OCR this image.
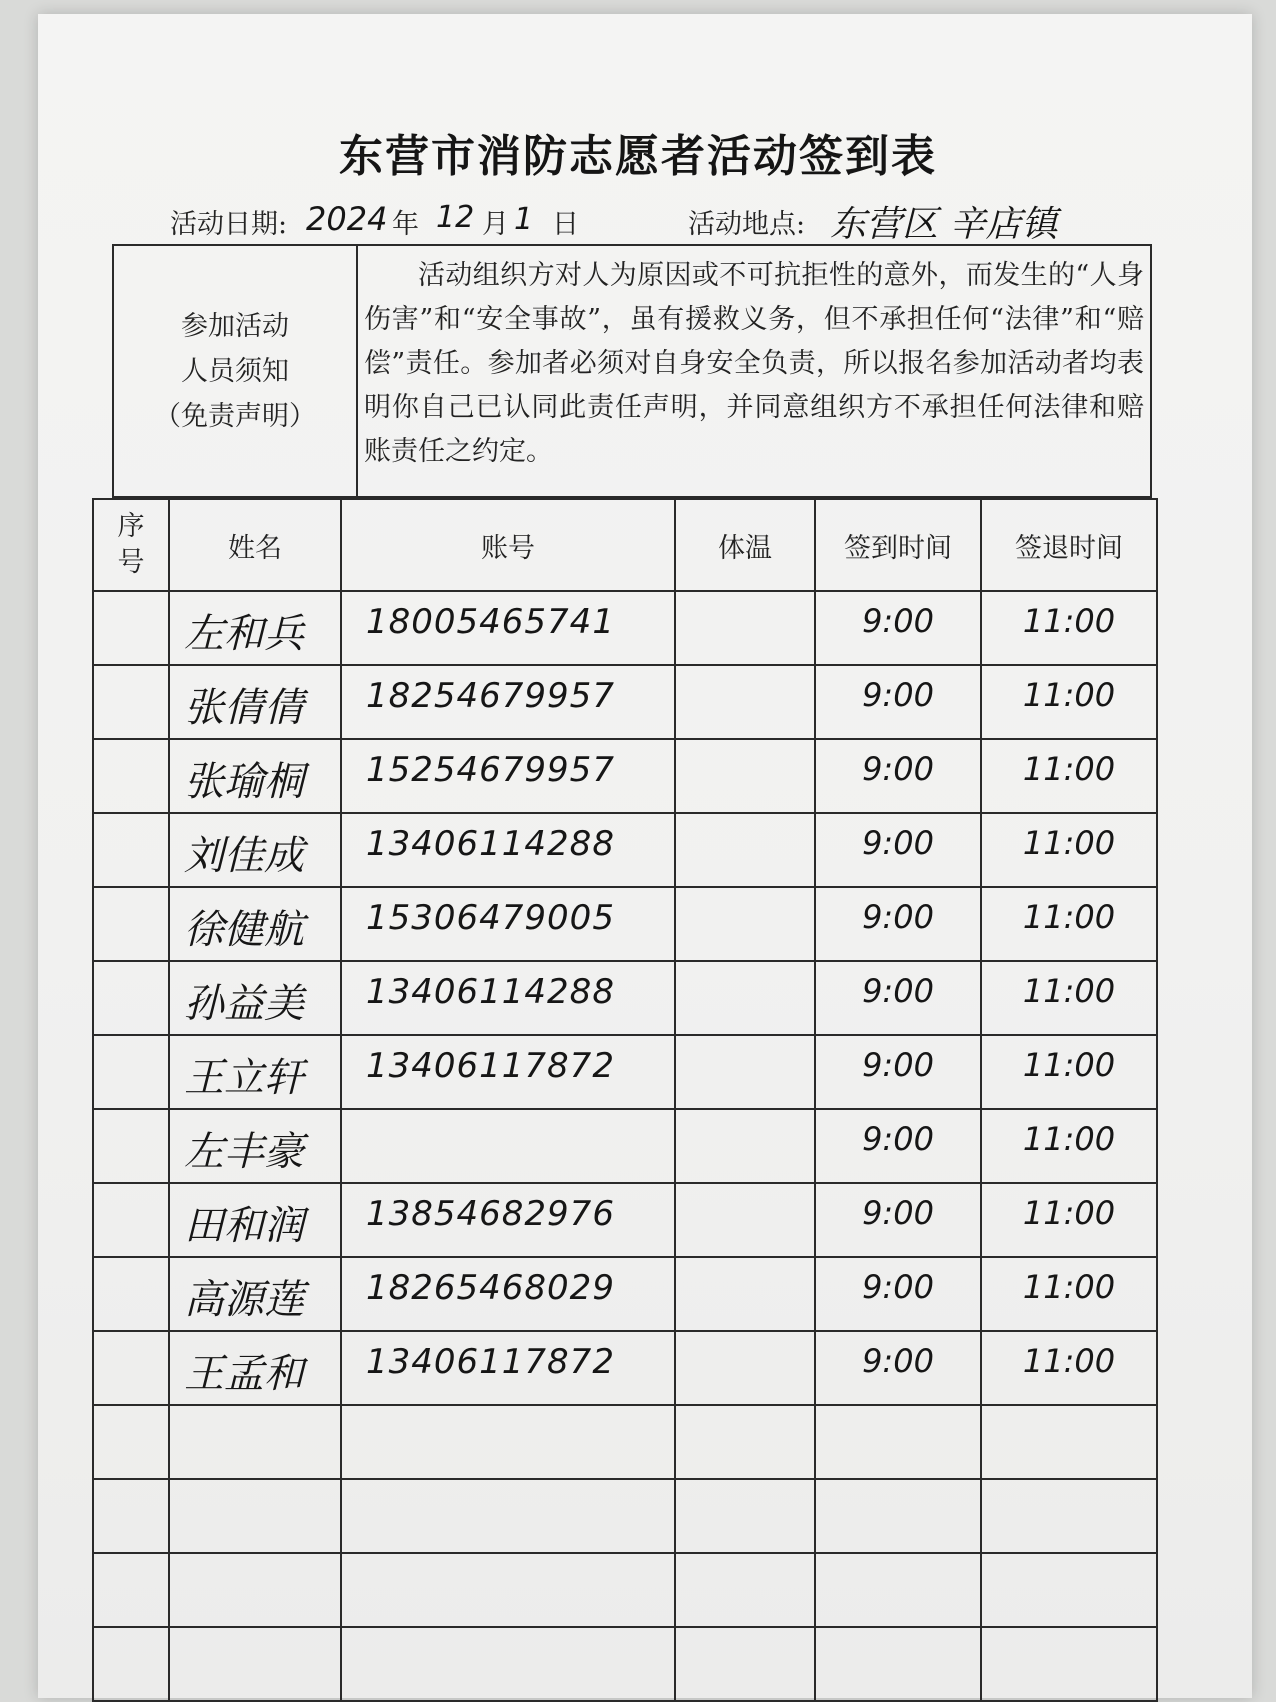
东营市消防志愿者活动签到表
活动日期: 2024 年 12 月 1 日	活动地点: 东营区 辛店镇
参加活动
人员须知
（免责声明）
活动组织方对人为原因或不可抗拒性的意外，而发生的“人身伤害”和“安全事故”，虽有援救义务，但不承担任何“法律”和“赔偿”责任。参加者必须对自身安全负责，所以报名参加活动者均表明你自己已认同此责任声明，并同意组织方不承担任何法律和赔账责任之约定。
序号	姓名	账号	体温	签到时间	签退时间

	左和兵	18005465741		9:00	11:00

	张倩倩	18254679957		9:00	11:00

	张瑜桐	15254679957		9:00	11:00

	刘佳成	13406114288		9:00	11:00

	徐健航	15306479005		9:00	11:00

	孙益美	13406114288		9:00	11:00

	王立轩	13406117872		9:00	11:00

	左丰豪			9:00	11:00

	田和润	13854682976		9:00	11:00

	高源莲	18265468029		9:00	11:00

	王孟和	13406117872		9:00	11:00
